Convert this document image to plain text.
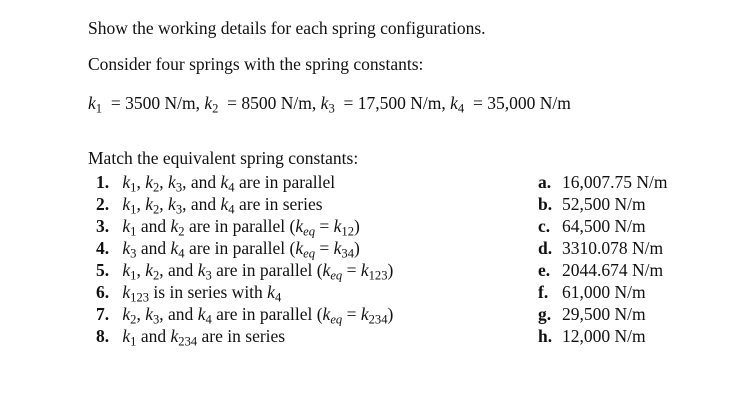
Show the working details for each spring configurations.
Consider four springs with the spring constants:
$k_1 = 3500$ N/m, $k_2 = 8500$ N/m, $k_3 = 17,500$ N/m, $k_4 = 35,000$ N/m
Match the equivalent spring constants:
1. $k_1$, $k_2$, $k_3$, and $k_4$ are in parallel
2. $k_1$, $k_2$, $k_3$, and $k_4$ are in series
3. $k_1$ and $k_2$ are in parallel $(k_{eq} = k_{12})$
4. $k_3$ and $k_4$ are in parallel $(k_{eq} = k_{34})$
5. $k_1$, $k_2$, and $k_3$ are in parallel $(k_{eq} = k_{123})$
6. $k_{123}$ is in series with $k_4$
7. $k_2$, $k_3$, and $k_4$ are in parallel $(k_{eq} = k_{234})$
8. $k_1$ and $k_{234}$ are in series
a. 16,007.75 N/m
b. 52,500 N/m
c. 64,500 N/m
d. 3310.078 N/m
e. 2044.674 N/m
f. 61,000 N/m
g. 29,500 N/m
h. 12,000 N/m
